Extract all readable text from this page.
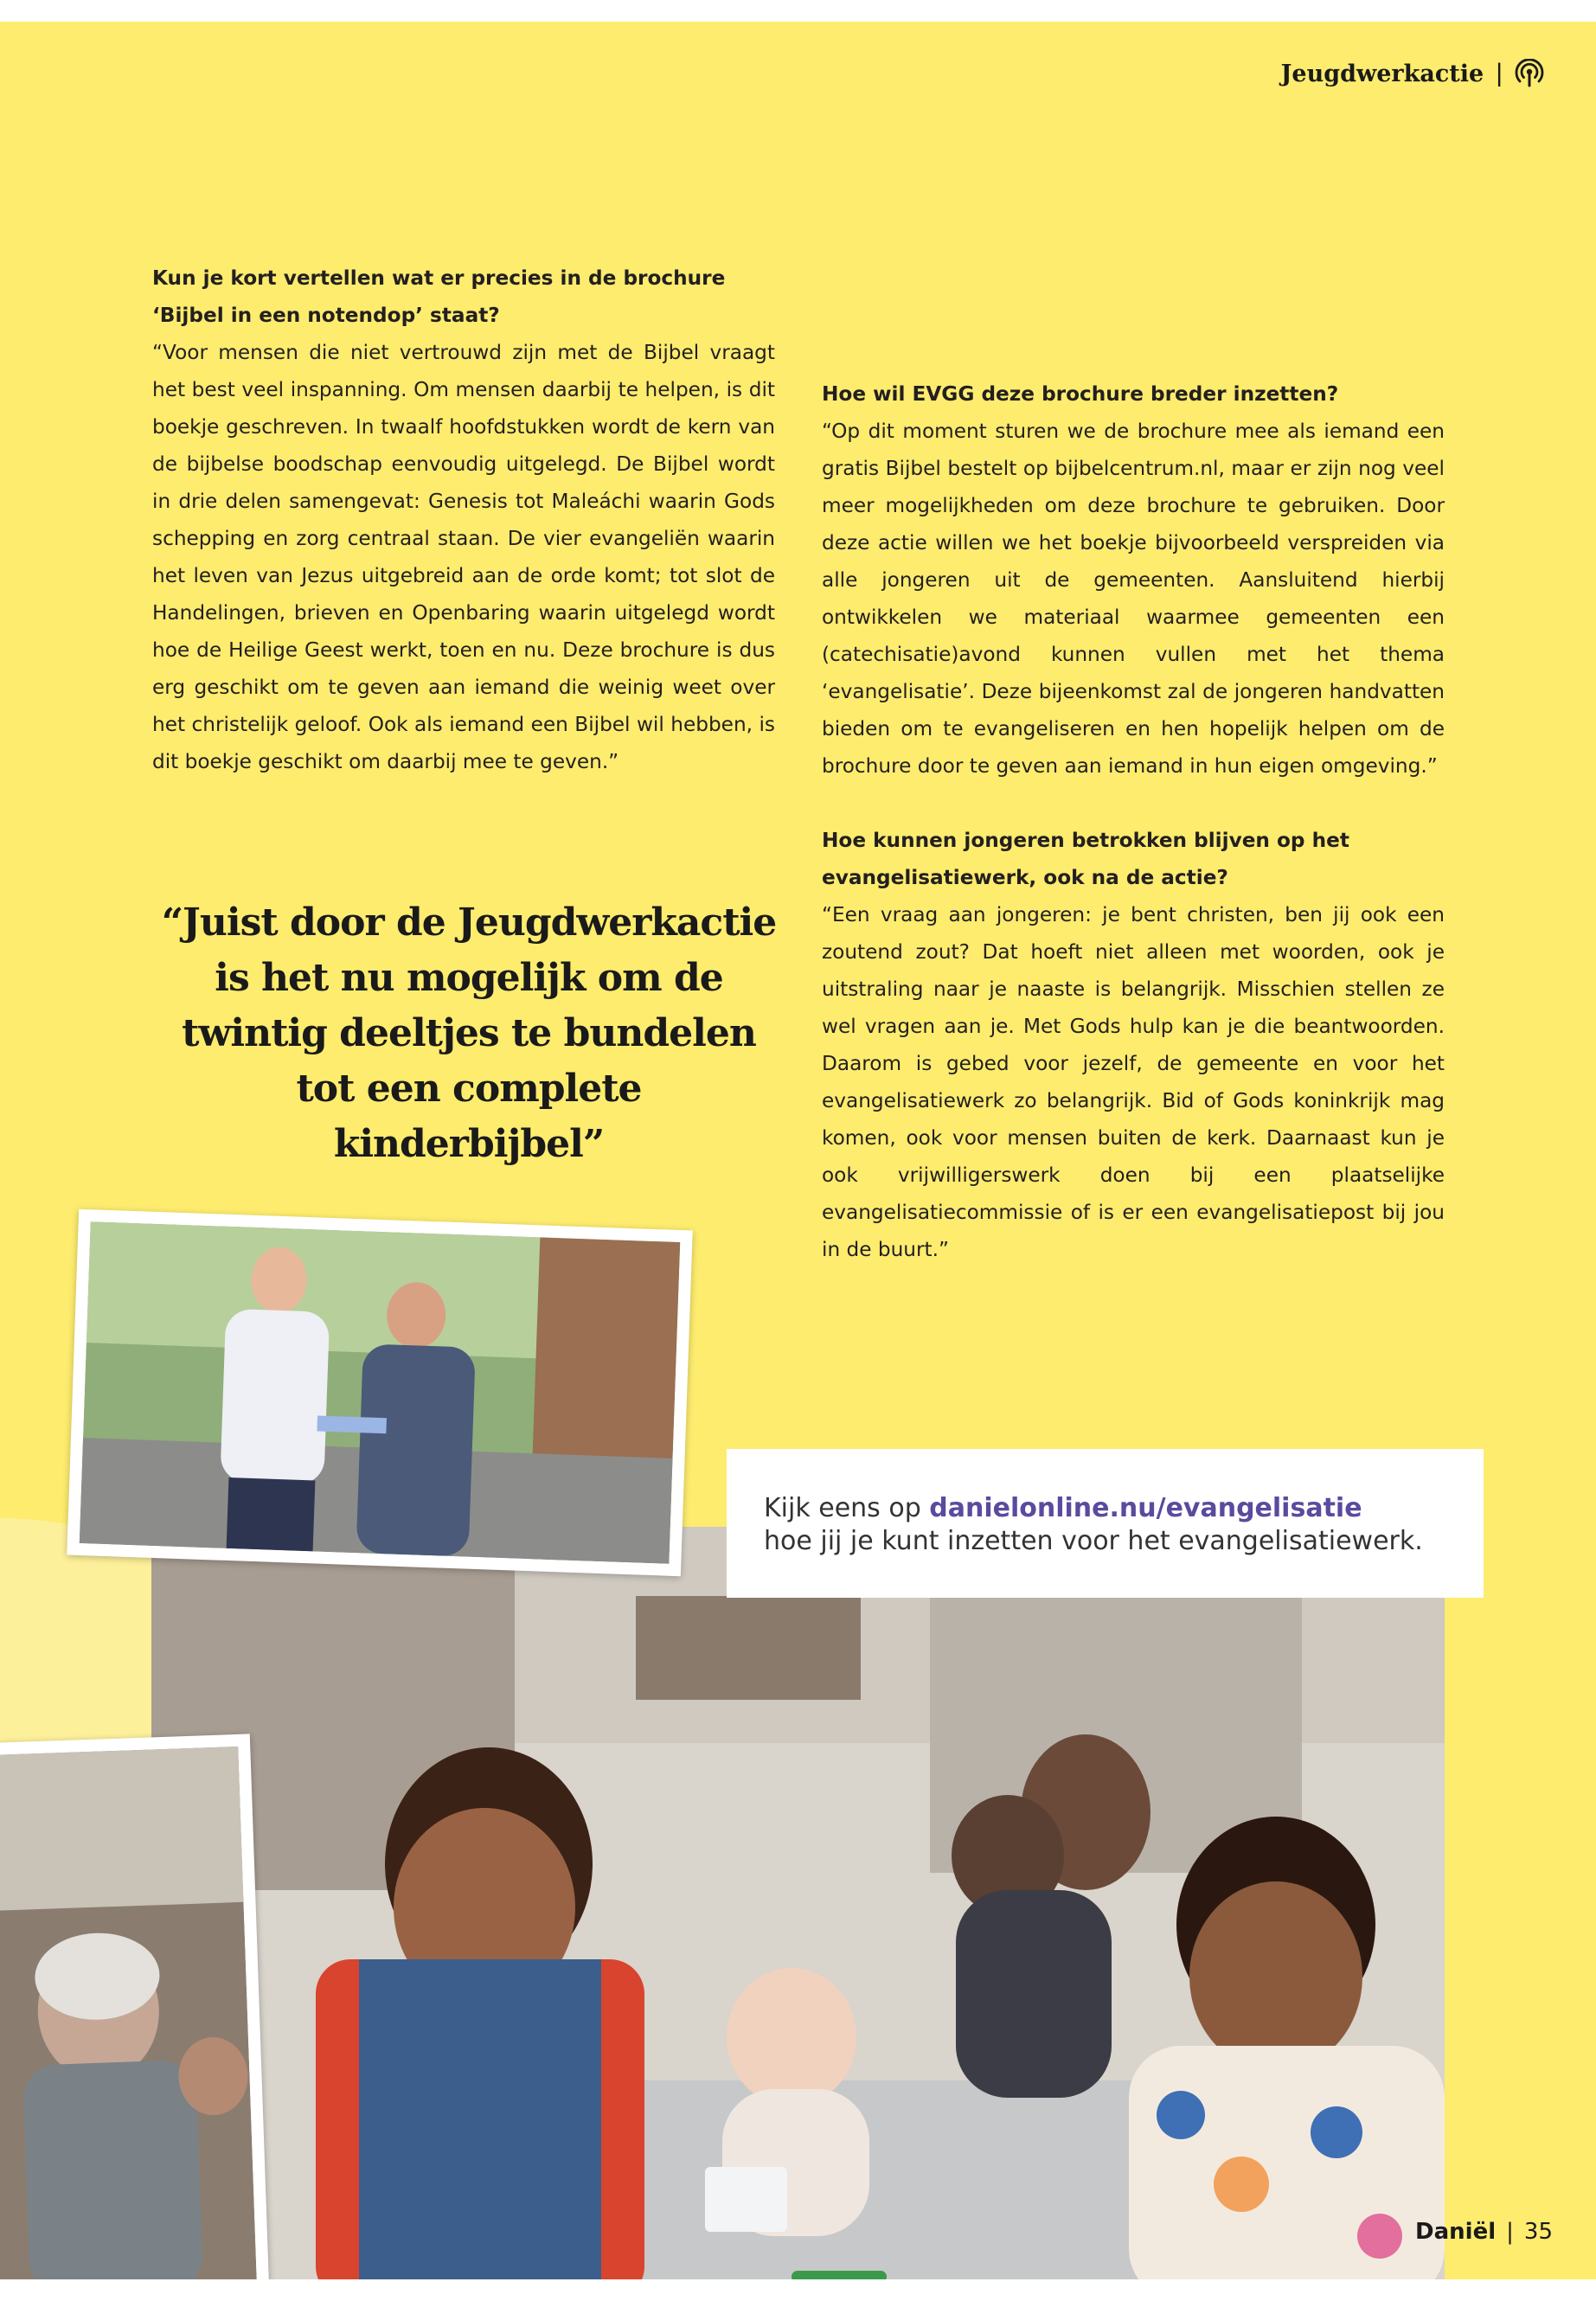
Jeugdwerkactie |

Kun je kort vertellen wat er precies in de brochure ‘Bijbel in een notendop’ staat?

“Voor mensen die niet vertrouwd zijn met de Bijbel vraagt het best veel inspanning. Om mensen daarbij te helpen, is dit boekje geschreven. In twaalf hoofdstukken wordt de kern van de bijbelse boodschap eenvoudig uitgelegd. De Bijbel wordt in drie delen samengevat: Genesis tot Maleáchi waarin Gods schepping en zorg centraal staan. De vier evangeliën waarin het leven van Jezus uitgebreid aan de orde komt; tot slot de Handelingen, brieven en Openbaring waarin uitgelegd wordt hoe de Heilige Geest werkt, toen en nu. Deze brochure is dus erg geschikt om te geven aan iemand die weinig weet over het christelijk geloof. Ook als iemand een Bijbel wil hebben, is dit boekje geschikt om daarbij mee te geven.”

Hoe wil EVGG deze brochure breder inzetten?

“Op dit moment sturen we de brochure mee als iemand een gratis Bijbel bestelt op bijbelcentrum.nl, maar er zijn nog veel meer mogelijkheden om deze brochure te gebruiken. Door deze actie willen we het boekje bijvoorbeeld verspreiden via alle jongeren uit de gemeenten. Aansluitend hierbij ontwikkelen we materiaal waarmee gemeenten een (catechisatie)avond kunnen vullen met het thema ‘evangelisatie’. Deze bijeenkomst zal de jongeren handvatten bieden om te evangeliseren en hen hopelijk helpen om de brochure door te geven aan iemand in hun eigen omgeving.”

Hoe kunnen jongeren betrokken blijven op het evangelisatiewerk, ook na de actie?

“Een vraag aan jongeren: je bent christen, ben jij ook een zoutend zout? Dat hoeft niet alleen met woorden, ook je uitstraling naar je naaste is belangrijk. Misschien stellen ze wel vragen aan je. Met Gods hulp kan je die beantwoorden. Daarom is gebed voor jezelf, de gemeente en voor het evangelisatiewerk zo belangrijk. Bid of Gods koninkrijk mag komen, ook voor mensen buiten de kerk. Daarnaast kun je ook vrijwilligerswerk doen bij een plaatselijke evangelisatiecommissie of is er een evangelisatiepost bij jou in de buurt.”

“Juist door de Jeugdwerkactie is het nu mogelijk om de twintig deeltjes te bundelen tot een complete kinderbijbel”
Kijk eens op danielonline.nu/evangelisatie
hoe jij je kunt inzetten voor het evangelisatiewerk.
Daniël | 35
